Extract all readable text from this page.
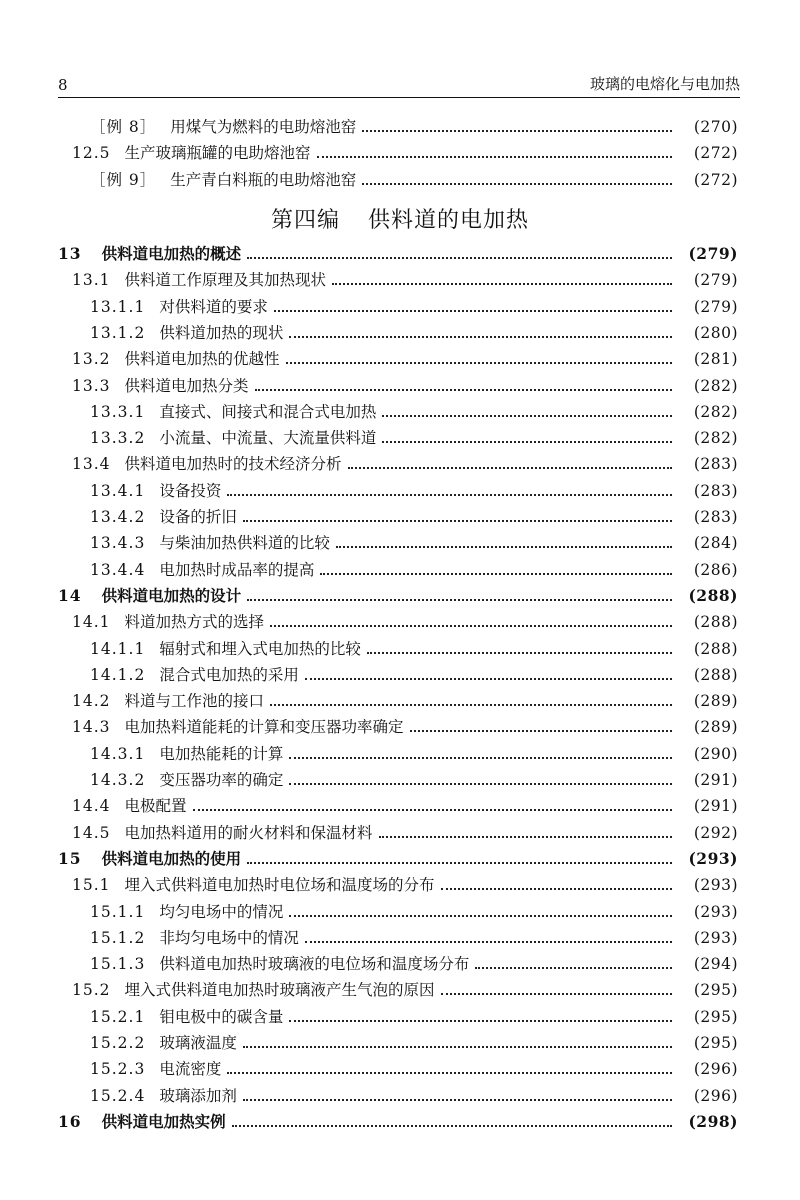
8	玻璃的电熔化与电加热
第四编 供料道的电加热
［例 8］ 用煤气为燃料的电助熔池窑	(270)
12.5 生产玻璃瓶罐的电助熔池窑	(272)
［例 9］ 生产青白料瓶的电助熔池窑	(272)
13 供料道电加热的概述	(279)
13.1 供料道工作原理及其加热现状	(279)
13.1.1 对供料道的要求	(279)
13.1.2 供料道加热的现状	(280)
13.2 供料道电加热的优越性	(281)
13.3 供料道电加热分类	(282)
13.3.1 直接式、间接式和混合式电加热	(282)
13.3.2 小流量、中流量、大流量供料道	(282)
13.4 供料道电加热时的技术经济分析	(283)
13.4.1 设备投资	(283)
13.4.2 设备的折旧	(283)
13.4.3 与柴油加热供料道的比较	(284)
13.4.4 电加热时成品率的提高	(286)
14 供料道电加热的设计	(288)
14.1 料道加热方式的选择	(288)
14.1.1 辐射式和埋入式电加热的比较	(288)
14.1.2 混合式电加热的采用	(288)
14.2 料道与工作池的接口	(289)
14.3 电加热料道能耗的计算和变压器功率确定	(289)
14.3.1 电加热能耗的计算	(290)
14.3.2 变压器功率的确定	(291)
14.4 电极配置	(291)
14.5 电加热料道用的耐火材料和保温材料	(292)
15 供料道电加热的使用	(293)
15.1 埋入式供料道电加热时电位场和温度场的分布	(293)
15.1.1 均匀电场中的情况	(293)
15.1.2 非均匀电场中的情况	(293)
15.1.3 供料道电加热时玻璃液的电位场和温度场分布	(294)
15.2 埋入式供料道电加热时玻璃液产生气泡的原因	(295)
15.2.1 钼电极中的碳含量	(295)
15.2.2 玻璃液温度	(295)
15.2.3 电流密度	(296)
15.2.4 玻璃添加剂	(296)
16 供料道电加热实例	(298)
